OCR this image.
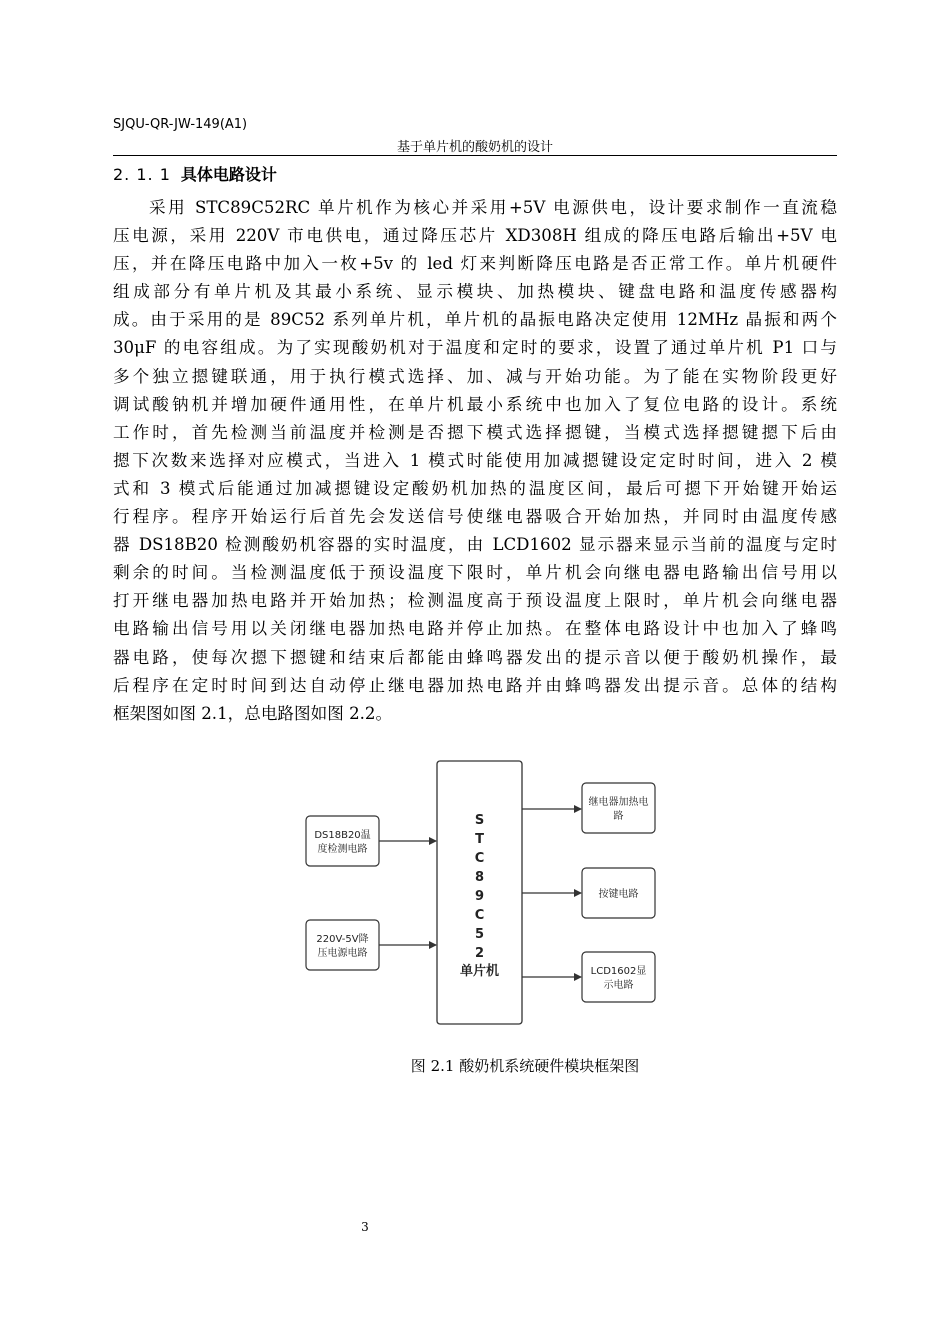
SJQU-QR-JW-149(A1)
基于单片机的酸奶机的设计
2. 1. 1 具体电路设计
采用 STC89C52RC 单片机作为核心并采用+5V 电源供电，设计要求制作一直流稳
压电源，采用 220V 市电供电，通过降压芯片 XD308H 组成的降压电路后输出+5V 电
压，并在降压电路中加入一枚+5v 的 led 灯来判断降压电路是否正常工作。单片机硬件
组成部分有单片机及其最小系统、显示模块、加热模块、键盘电路和温度传感器构
成。由于采用的是 89C52 系列单片机，单片机的晶振电路决定使用 12MHz 晶振和两个
30μF 的电容组成。为了实现酸奶机对于温度和定时的要求，设置了通过单片机 P1 口与
多个独立摁键联通，用于执行模式选择、加、减与开始功能。为了能在实物阶段更好
调试酸钠机并增加硬件通用性，在单片机最小系统中也加入了复位电路的设计。系统
工作时，首先检测当前温度并检测是否摁下模式选择摁键，当模式选择摁键摁下后由
摁下次数来选择对应模式，当进入 1 模式时能使用加减摁键设定定时时间，进入 2 模
式和 3 模式后能通过加减摁键设定酸奶机加热的温度区间，最后可摁下开始键开始运
行程序。程序开始运行后首先会发送信号使继电器吸合开始加热，并同时由温度传感
器 DS18B20 检测酸奶机容器的实时温度，由 LCD1602 显示器来显示当前的温度与定时
剩余的时间。当检测温度低于预设温度下限时，单片机会向继电器电路输出信号用以
打开继电器加热电路并开始加热；检测温度高于预设温度上限时，单片机会向继电器
电路输出信号用以关闭继电器加热电路并停止加热。在整体电路设计中也加入了蜂鸣
器电路，使每次摁下摁键和结束后都能由蜂鸣器发出的提示音以便于酸奶机操作，最
后程序在定时时间到达自动停止继电器加热电路并由蜂鸣器发出提示音。总体的结构
框架图如图 2.1，总电路图如图 2.2。
DS18B20温
度检测电路
220V-5V降
压电源电路
S
T
C
8
9
C
5
2
单片机
继电器加热电
路
按键电路
LCD1602显
示电路
图 2.1 酸奶机系统硬件模块框架图
3
